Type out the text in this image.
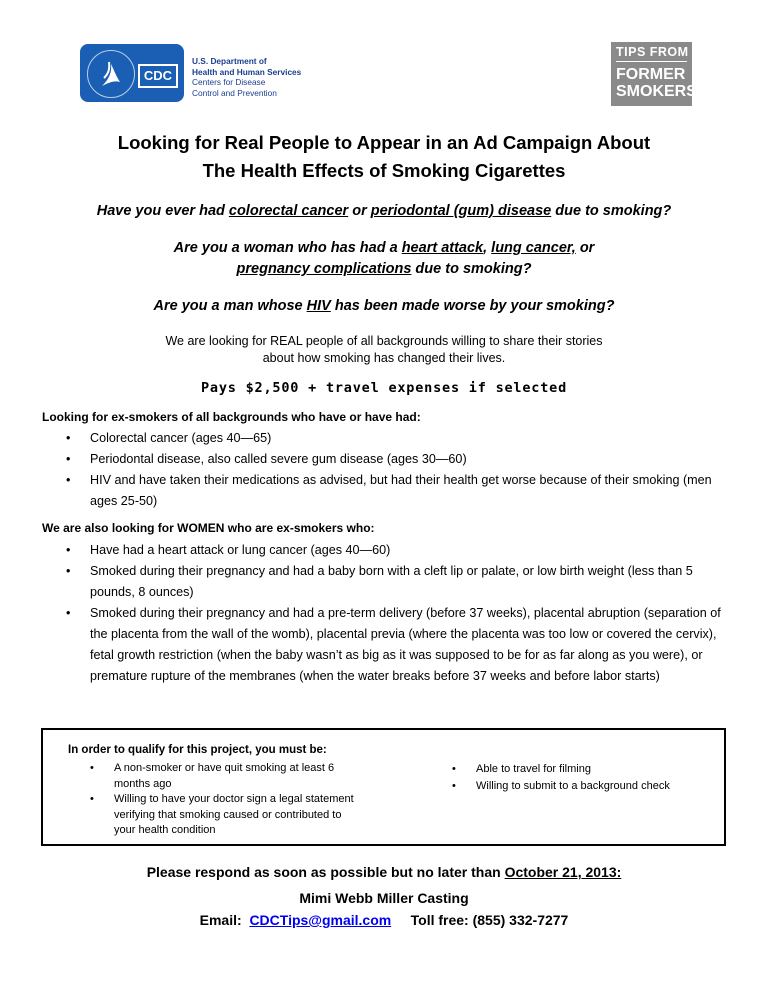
CDC
U.S. Department of
Health and Human Services
Centers for Disease
Control and Prevention
TIPS FROM
FORMER
SMOKERS
Looking for Real People to Appear in an Ad Campaign About
The Health Effects of Smoking Cigarettes
Have you ever had colorectal cancer or periodontal (gum) disease due to smoking?
Are you a woman who has had a heart attack, lung cancer, or
pregnancy complications due to smoking?
Are you a man whose HIV has been made worse by your smoking?
We are looking for REAL people of all backgrounds willing to share their stories
about how smoking has changed their lives.
Pays $2,500 + travel expenses if selected
Looking for ex-smokers of all backgrounds who have or have had:
• Colorectal cancer (ages 40—65)
• Periodontal disease, also called severe gum disease (ages 30—60)
• HIV and have taken their medications as advised, but had their health get worse because of their smoking (men ages 25-50)
We are also looking for WOMEN who are ex-smokers who:
• Have had a heart attack or lung cancer (ages 40—60)
• Smoked during their pregnancy and had a baby born with a cleft lip or palate, or low birth weight (less than 5 pounds, 8 ounces)
• Smoked during their pregnancy and had a pre-term delivery (before 37 weeks), placental abruption (separation of the placenta from the wall of the womb), placental previa (where the placenta was too low or covered the cervix), fetal growth restriction (when the baby wasn’t as big as it was supposed to be for as far along as you were), or premature rupture of the membranes (when the water breaks before 37 weeks and before labor starts)
In order to qualify for this project, you must be:
• A non-smoker or have quit smoking at least 6 months ago
• Willing to have your doctor sign a legal statement verifying that smoking caused or contributed to your health condition
• Able to travel for filming
• Willing to submit to a background check
Please respond as soon as possible but no later than October 21, 2013:
Mimi Webb Miller Casting
Email: CDCTips@gmail.com Toll free: (855) 332-7277
